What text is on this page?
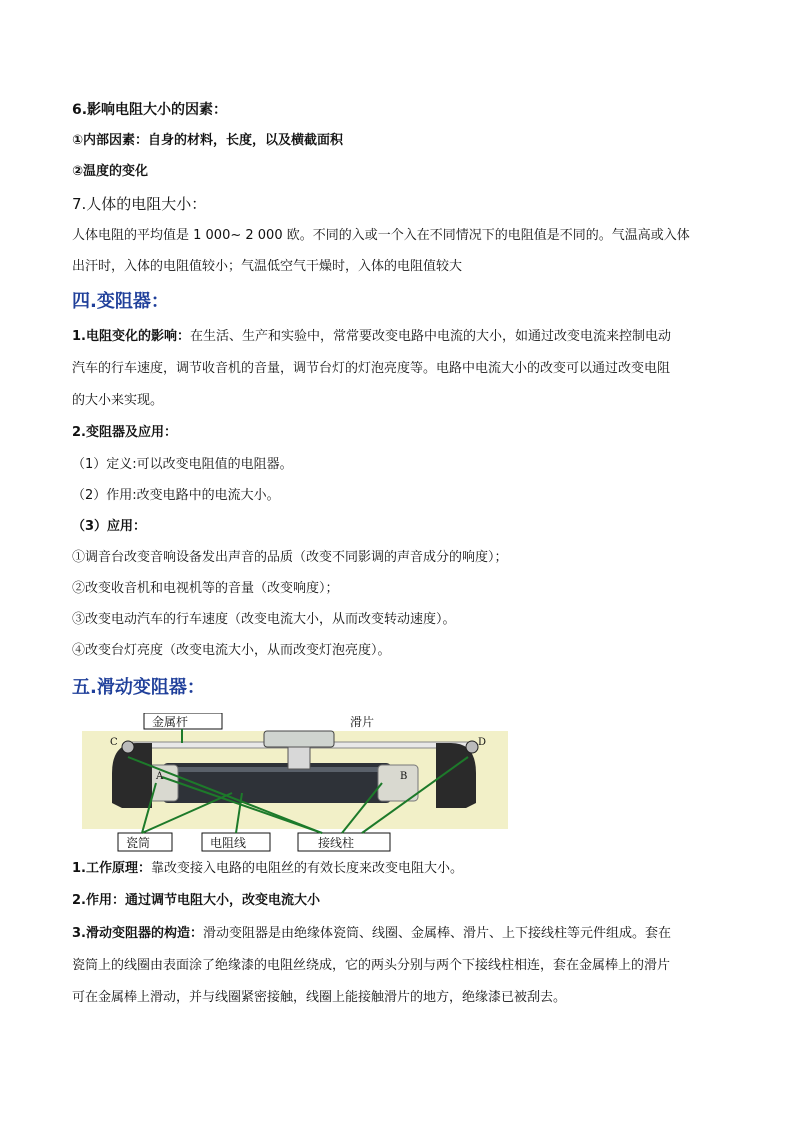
6.影响电阻大小的因素：
①内部因素：自身的材料，长度，以及横截面积
②温度的变化
7.人体的电阻大小：
人体电阻的平均值是 1 000~ 2 000 欧。不同的入或一个入在不同情况下的电阻值是不同的。气温高或入体
出汗时，入体的电阻值较小；气温低空气干燥时，入体的电阻值较大
四.变阻器：
1.电阻变化的影响：在生活、生产和实验中，常常要改变电路中电流的大小，如通过改变电流来控制电动
汽车的行车速度，调节收音机的音量，调节台灯的灯泡亮度等。电路中电流大小的改变可以通过改变电阻
的大小来实现。
2.变阻器及应用：
（1）定义:可以改变电阻值的电阻器。
（2）作用:改变电路中的电流大小。
（3）应用：
①调音台改变音响设备发出声音的品质（改变不同影调的声音成分的响度）；
②改变收音机和电视机等的音量（改变响度）；
③改变电动汽车的行车速度（改变电流大小，从而改变转动速度）。
④改变台灯亮度（改变电流大小，从而改变灯泡亮度）。
五.滑动变阻器：
金属杆	滑片
瓷筒	电阻线	接线柱
C	D
A	B
1.工作原理：靠改变接入电路的电阻丝的有效长度来改变电阻大小。
2.作用：通过调节电阻大小，改变电流大小
3.滑动变阻器的构造：滑动变阻器是由绝缘体瓷筒、线圈、金属棒、滑片、上下接线柱等元件组成。套在
瓷筒上的线圈由表面涂了绝缘漆的电阻丝绕成，它的两头分别与两个下接线柱相连，套在金属棒上的滑片
可在金属棒上滑动，并与线圈紧密接触，线圈上能接触滑片的地方，绝缘漆已被刮去。
